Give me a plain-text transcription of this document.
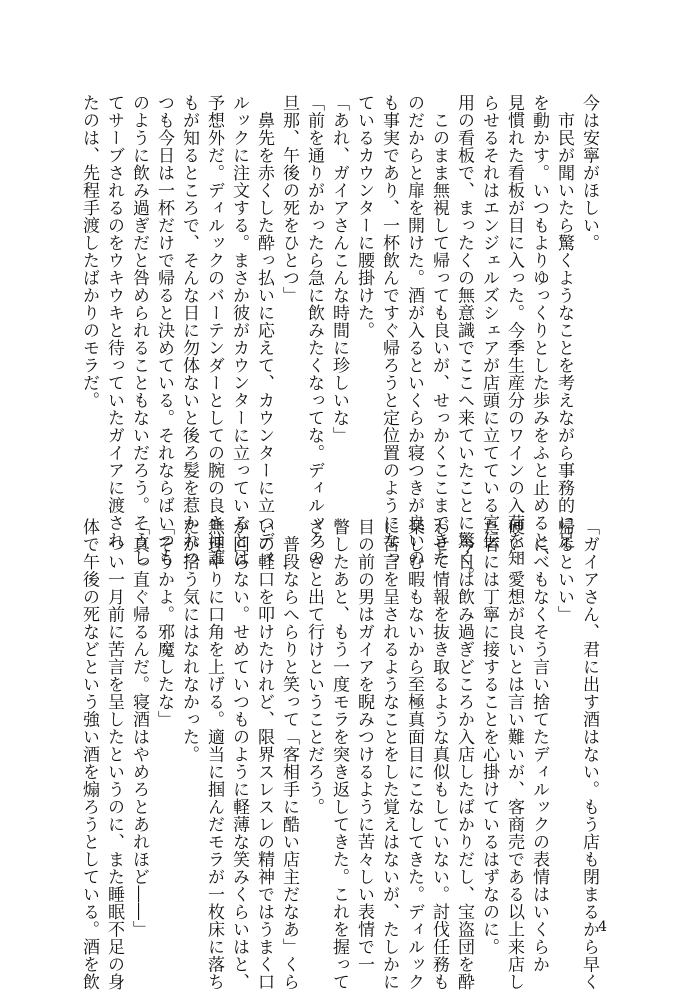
今は安寧がほしい。
　市民が聞いたら驚くようなことを考えながら事務的に足
を動かす。いつもよりゆっくりとした歩みをふと止めると、
見慣れた看板が目に入った。今季生産分のワインの入荷を知
らせるそれはエンジェルズシェアが店頭に立てている宣伝
用の看板で、まったくの無意識でここへ来ていたことに驚く。
　このまま無視して帰っても良いが、せっかくここまできた
のだからと扉を開けた。酒が入るといくらか寝つきが良いの
も事実であり、一杯飲んですぐ帰ろうと定位置のようになっ
ているカウンターに腰掛けた。
「あれ、ガイアさんこんな時間に珍しいな」
「前を通りがかったら急に飲みたくなってな。ディルックの
旦那、午後の死をひとつ」
　鼻先を赤くした酔っ払いに応えて、カウンターに立つディ
ルックに注文する。まさか彼がカウンターに立っているとは
予想外だ。ディルックのバーテンダーとしての腕の良さは誰
もが知るところで、そんな日に勿体ないと後ろ髪を惹かれつ
つも今日は一杯だけで帰ると決めている。それならばいつも
のように飲み過ぎだと咎められることもないだろう。そうし
てサーブされるのをウキウキと待っていたガイアに渡され
たのは、先程手渡したばかりのモラだ。
「ガイアさん、君に出す酒はない。もう店も閉まるから早く
帰るといい」
　にべもなくそう言い捨てたディルックの表情はいくらか
硬い。愛想が良いとは言い難いが、客商売である以上来店し
た者には丁寧に接することを心掛けているはずなのに。
　今日は飲み過ぎどころか入店したばかりだし、宝盗団を酔
わせて情報を抜き取るような真似もしていない。討伐任務も
楽しむ暇もないから至極真面目にこなしてきた。ディルック
に苦言を呈されるようなことをした覚えはないが、たしかに
目の前の男はガイアを睨みつけるように苦々しい表情で一
瞥したあと、もう一度モラを突き返してきた。これを握って
さっさと出て行けということだろう。
　普段ならへらりと笑って「客相手に酷い店主だなあ」くら
いの軽口を叩けたけれど、限界スレスレの精神ではうまく口
が回らない。せめていつものように軽薄な笑みくらいはと、
無理やりに口角を上げる。適当に掴んだモラが一枚床に落ち
たが拾う気にはなれなかった。
「そうかよ。邪魔したな」
「真っ直ぐ帰るんだ。寝酒はやめろとあれほど――」
　つい一月前に苦言を呈したというのに、また睡眠不足の身
体で午後の死などという強い酒を煽ろうとしている。酒を飲	4
